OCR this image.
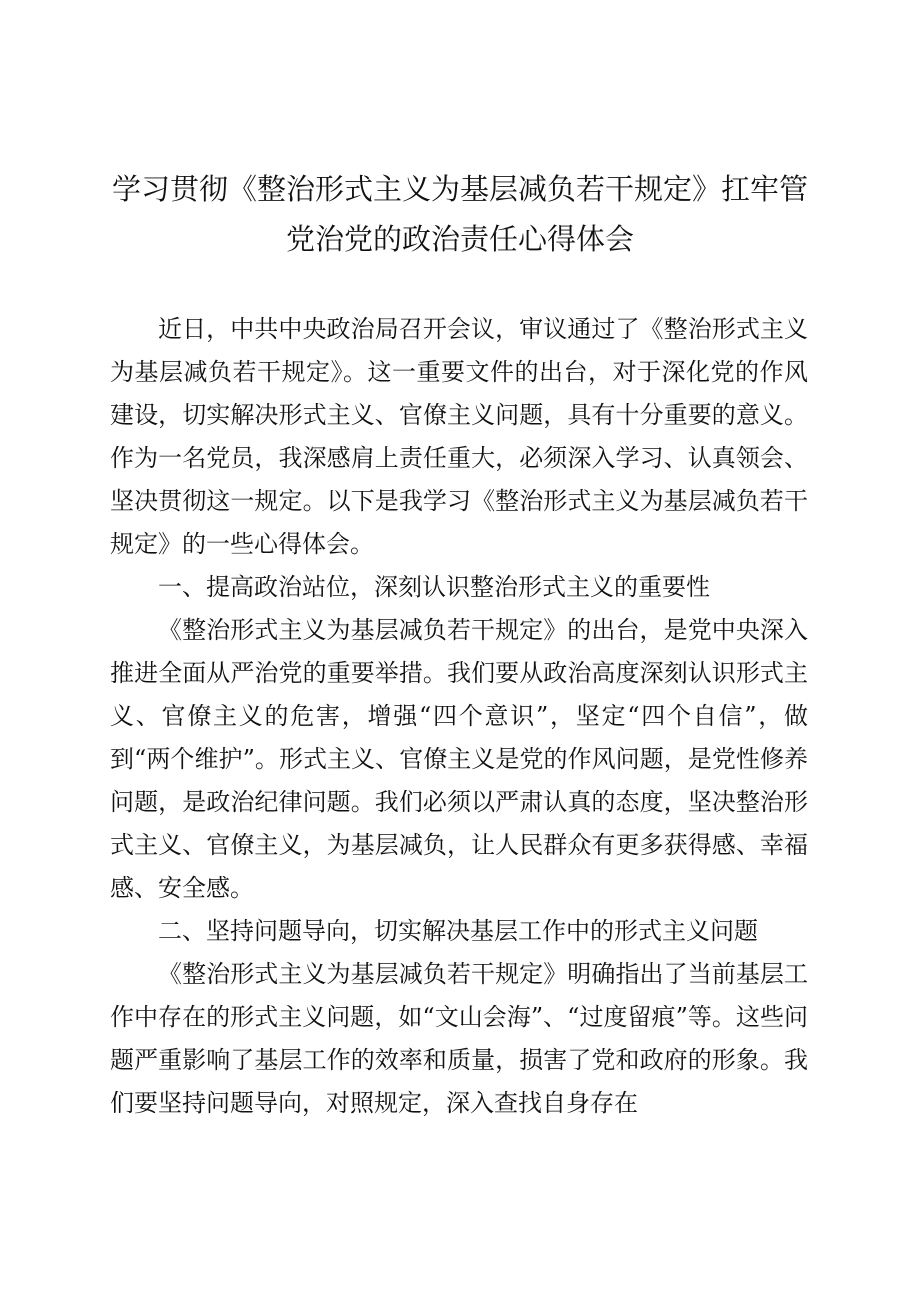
学习贯彻《整治形式主义为基层减负若干规定》扛牢管
党治党的政治责任心得体会

近日，中共中央政治局召开会议，审议通过了《整治形式主义为基层减负若干规定》。这一重要文件的出台，对于深化党的作风建设，切实解决形式主义、官僚主义问题，具有十分重要的意义。作为一名党员，我深感肩上责任重大，必须深入学习、认真领会、坚决贯彻这一规定。以下是我学习《整治形式主义为基层减负若干规定》的一些心得体会。

一、提高政治站位，深刻认识整治形式主义的重要性

《整治形式主义为基层减负若干规定》的出台，是党中央深入推进全面从严治党的重要举措。我们要从政治高度深刻认识形式主义、官僚主义的危害，增强“四个意识”，坚定“四个自信”，做到“两个维护”。形式主义、官僚主义是党的作风问题，是党性修养问题，是政治纪律问题。我们必须以严肃认真的态度，坚决整治形式主义、官僚主义，为基层减负，让人民群众有更多获得感、幸福感、安全感。

二、坚持问题导向，切实解决基层工作中的形式主义问题

《整治形式主义为基层减负若干规定》明确指出了当前基层工作中存在的形式主义问题，如“文山会海”、“过度留痕”等。这些问题严重影响了基层工作的效率和质量，损害了党和政府的形象。我们要坚持问题导向，对照规定，深入查找自身存在
